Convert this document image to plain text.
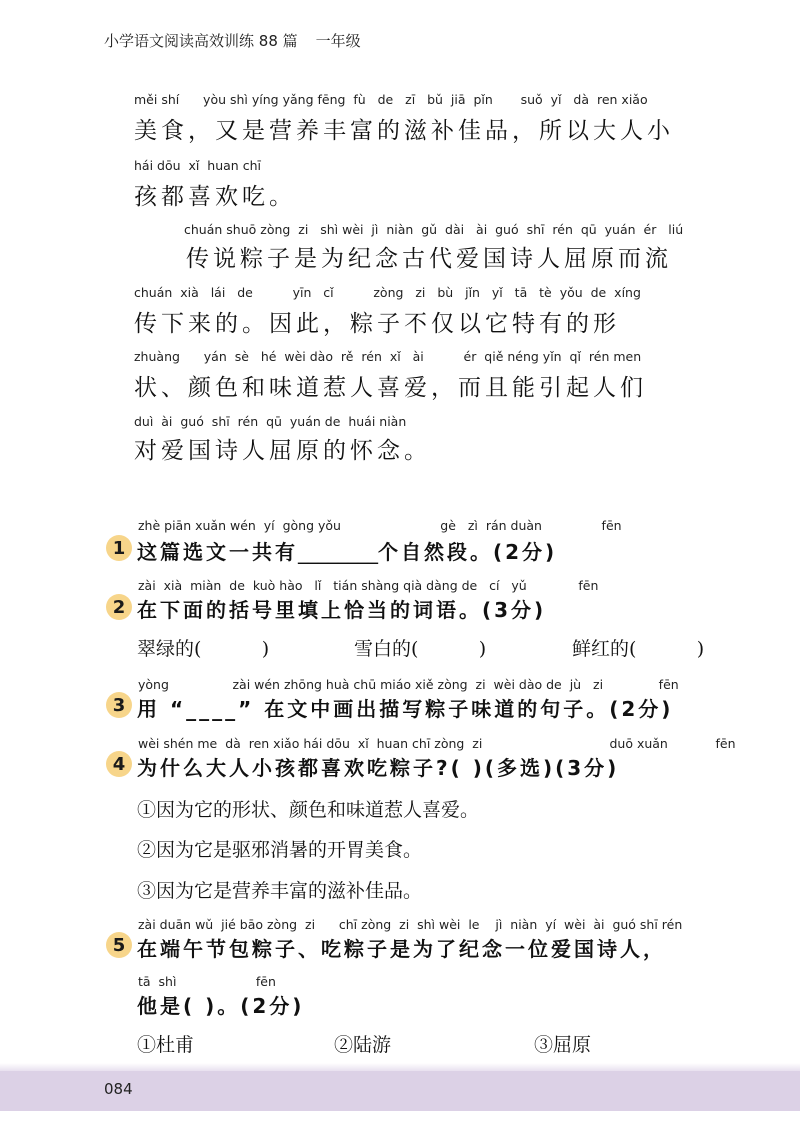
小学语文阅读高效训练 88 篇 一年级
měi shí      yòu shì yíng yǎng fēng  fù   de   zī   bǔ  jiā  pǐn       suǒ  yǐ   dà  ren xiǎo
美食，又是营养丰富的滋补佳品，所以大人小
hái dōu  xǐ  huan chī
孩都喜欢吃。
chuán shuō zòng  zi   shì wèi  jì  niàn  gǔ  dài   ài  guó  shī  rén  qū  yuán  ér   liú
传说粽子是为纪念古代爱国诗人屈原而流
chuán  xià   lái   de          yīn   cǐ          zòng   zi   bù   jǐn   yǐ   tā   tè  yǒu  de  xíng
传下来的。因此，粽子不仅以它特有的形
zhuàng      yán  sè   hé  wèi dào  rě  rén  xǐ   ài          ér  qiě néng yǐn  qǐ  rén men
状、颜色和味道惹人喜爱，而且能引起人们
duì  ài  guó  shī  rén  qū  yuán de  huái niàn
对爱国诗人屈原的怀念。
zhè piān xuǎn wén  yí  gòng yǒu                         gè   zì  rán duàn               fēn
1 这篇选文一共有________个自然段。(2分)
zài  xià  miàn  de  kuò hào   lǐ   tián shàng qià dàng de   cí   yǔ             fēn
2 在下面的括号里填上恰当的词语。(3分)
翠绿的(          )	雪白的(          )	鲜红的(          )
yòng                zài wén zhōng huà chū miáo xiě zòng  zi  wèi dào de  jù   zi              fēn
3 用 “____” 在文中画出描写粽子味道的句子。(2分)
wèi shén me  dà  ren xiǎo hái dōu  xǐ  huan chī zòng  zi                                duō xuǎn            fēn
4 为什么大人小孩都喜欢吃粽子?( )(多选)(3分)
①因为它的形状、颜色和味道惹人喜爱。
②因为它是驱邪消暑的开胃美食。
③因为它是营养丰富的滋补佳品。
zài duān wǔ  jié bāo zòng  zi      chī zòng  zi  shì wèi  le    jì  niàn  yí  wèi  ài  guó shī rén
5 在端午节包粽子、吃粽子是为了纪念一位爱国诗人，
tā  shì                    fēn
他是( )。(2分)
①杜甫	②陆游	③屈原
084
